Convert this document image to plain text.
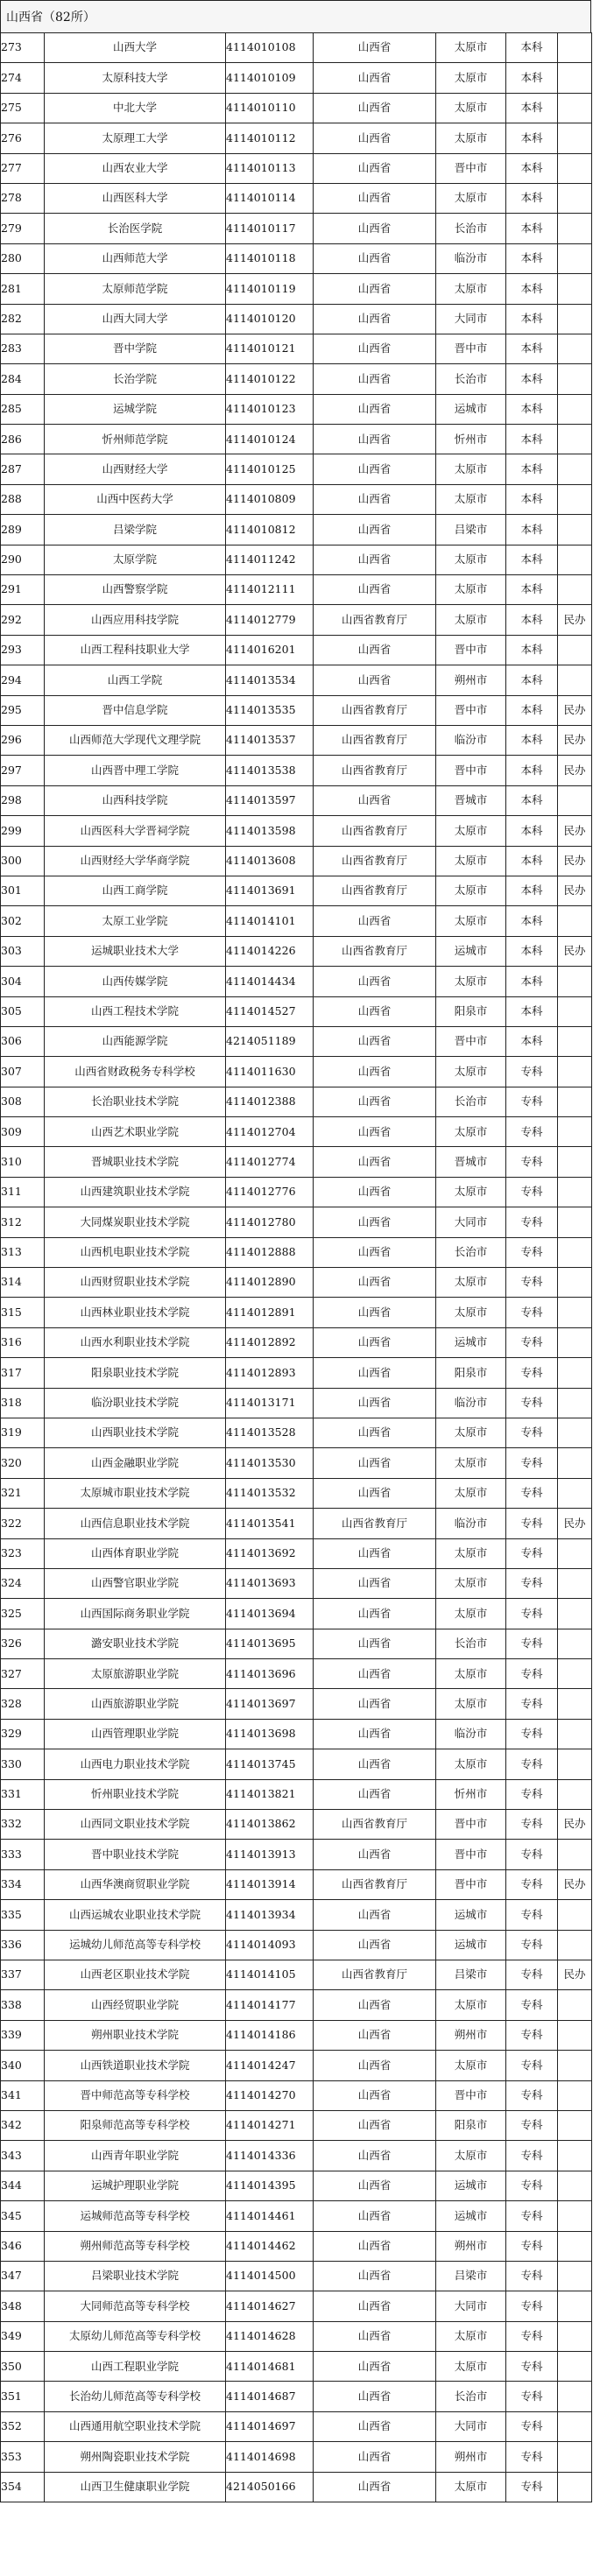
山西省（82所）
273	山西大学	4114010108	山西省	太原市	本科	
274	太原科技大学	4114010109	山西省	太原市	本科	
275	中北大学	4114010110	山西省	太原市	本科	
276	太原理工大学	4114010112	山西省	太原市	本科	
277	山西农业大学	4114010113	山西省	晋中市	本科	
278	山西医科大学	4114010114	山西省	太原市	本科	
279	长治医学院	4114010117	山西省	长治市	本科	
280	山西师范大学	4114010118	山西省	临汾市	本科	
281	太原师范学院	4114010119	山西省	太原市	本科	
282	山西大同大学	4114010120	山西省	大同市	本科	
283	晋中学院	4114010121	山西省	晋中市	本科	
284	长治学院	4114010122	山西省	长治市	本科	
285	运城学院	4114010123	山西省	运城市	本科	
286	忻州师范学院	4114010124	山西省	忻州市	本科	
287	山西财经大学	4114010125	山西省	太原市	本科	
288	山西中医药大学	4114010809	山西省	太原市	本科	
289	吕梁学院	4114010812	山西省	吕梁市	本科	
290	太原学院	4114011242	山西省	太原市	本科	
291	山西警察学院	4114012111	山西省	太原市	本科	
292	山西应用科技学院	4114012779	山西省教育厅	太原市	本科	民办
293	山西工程科技职业大学	4114016201	山西省	晋中市	本科	
294	山西工学院	4114013534	山西省	朔州市	本科	
295	晋中信息学院	4114013535	山西省教育厅	晋中市	本科	民办
296	山西师范大学现代文理学院	4114013537	山西省教育厅	临汾市	本科	民办
297	山西晋中理工学院	4114013538	山西省教育厅	晋中市	本科	民办
298	山西科技学院	4114013597	山西省	晋城市	本科	
299	山西医科大学晋祠学院	4114013598	山西省教育厅	太原市	本科	民办
300	山西财经大学华商学院	4114013608	山西省教育厅	太原市	本科	民办
301	山西工商学院	4114013691	山西省教育厅	太原市	本科	民办
302	太原工业学院	4114014101	山西省	太原市	本科	
303	运城职业技术大学	4114014226	山西省教育厅	运城市	本科	民办
304	山西传媒学院	4114014434	山西省	太原市	本科	
305	山西工程技术学院	4114014527	山西省	阳泉市	本科	
306	山西能源学院	4214051189	山西省	晋中市	本科	
307	山西省财政税务专科学校	4114011630	山西省	太原市	专科	
308	长治职业技术学院	4114012388	山西省	长治市	专科	
309	山西艺术职业学院	4114012704	山西省	太原市	专科	
310	晋城职业技术学院	4114012774	山西省	晋城市	专科	
311	山西建筑职业技术学院	4114012776	山西省	太原市	专科	
312	大同煤炭职业技术学院	4114012780	山西省	大同市	专科	
313	山西机电职业技术学院	4114012888	山西省	长治市	专科	
314	山西财贸职业技术学院	4114012890	山西省	太原市	专科	
315	山西林业职业技术学院	4114012891	山西省	太原市	专科	
316	山西水利职业技术学院	4114012892	山西省	运城市	专科	
317	阳泉职业技术学院	4114012893	山西省	阳泉市	专科	
318	临汾职业技术学院	4114013171	山西省	临汾市	专科	
319	山西职业技术学院	4114013528	山西省	太原市	专科	
320	山西金融职业学院	4114013530	山西省	太原市	专科	
321	太原城市职业技术学院	4114013532	山西省	太原市	专科	
322	山西信息职业技术学院	4114013541	山西省教育厅	临汾市	专科	民办
323	山西体育职业学院	4114013692	山西省	太原市	专科	
324	山西警官职业学院	4114013693	山西省	太原市	专科	
325	山西国际商务职业学院	4114013694	山西省	太原市	专科	
326	潞安职业技术学院	4114013695	山西省	长治市	专科	
327	太原旅游职业学院	4114013696	山西省	太原市	专科	
328	山西旅游职业学院	4114013697	山西省	太原市	专科	
329	山西管理职业学院	4114013698	山西省	临汾市	专科	
330	山西电力职业技术学院	4114013745	山西省	太原市	专科	
331	忻州职业技术学院	4114013821	山西省	忻州市	专科	
332	山西同文职业技术学院	4114013862	山西省教育厅	晋中市	专科	民办
333	晋中职业技术学院	4114013913	山西省	晋中市	专科	
334	山西华澳商贸职业学院	4114013914	山西省教育厅	晋中市	专科	民办
335	山西运城农业职业技术学院	4114013934	山西省	运城市	专科	
336	运城幼儿师范高等专科学校	4114014093	山西省	运城市	专科	
337	山西老区职业技术学院	4114014105	山西省教育厅	吕梁市	专科	民办
338	山西经贸职业学院	4114014177	山西省	太原市	专科	
339	朔州职业技术学院	4114014186	山西省	朔州市	专科	
340	山西铁道职业技术学院	4114014247	山西省	太原市	专科	
341	晋中师范高等专科学校	4114014270	山西省	晋中市	专科	
342	阳泉师范高等专科学校	4114014271	山西省	阳泉市	专科	
343	山西青年职业学院	4114014336	山西省	太原市	专科	
344	运城护理职业学院	4114014395	山西省	运城市	专科	
345	运城师范高等专科学校	4114014461	山西省	运城市	专科	
346	朔州师范高等专科学校	4114014462	山西省	朔州市	专科	
347	吕梁职业技术学院	4114014500	山西省	吕梁市	专科	
348	大同师范高等专科学校	4114014627	山西省	大同市	专科	
349	太原幼儿师范高等专科学校	4114014628	山西省	太原市	专科	
350	山西工程职业学院	4114014681	山西省	太原市	专科	
351	长治幼儿师范高等专科学校	4114014687	山西省	长治市	专科	
352	山西通用航空职业技术学院	4114014697	山西省	大同市	专科	
353	朔州陶瓷职业技术学院	4114014698	山西省	朔州市	专科	
354	山西卫生健康职业学院	4214050166	山西省	太原市	专科	
